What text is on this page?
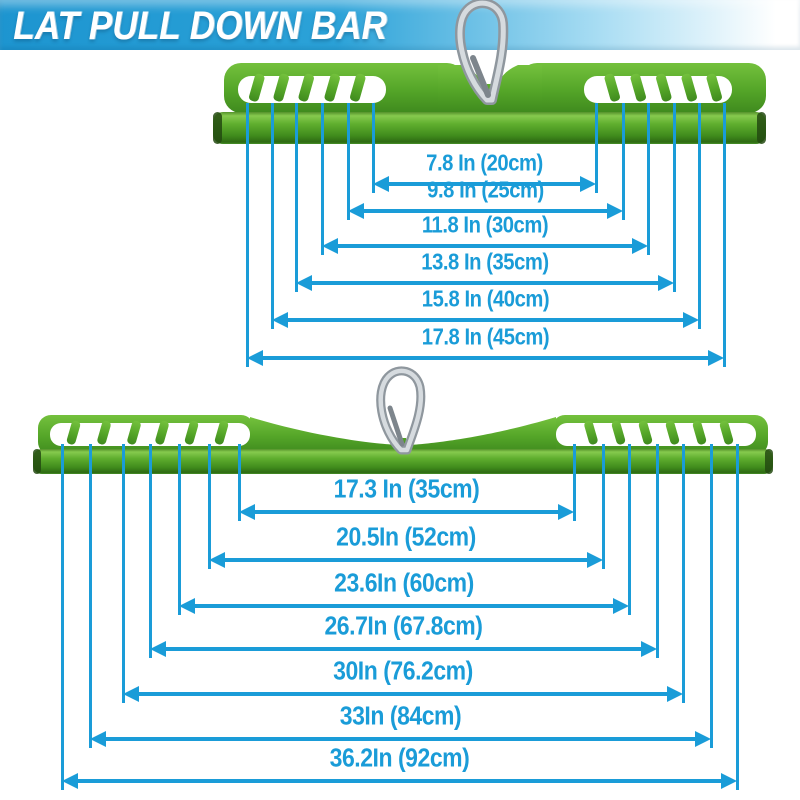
LAT PULL DOWN BAR
7.8 In (20cm)
9.8 In (25cm)
11.8 In (30cm)
13.8 In (35cm)
15.8 In (40cm)
17.8 In (45cm)
17.3 In (35cm)
20.5In (52cm)
23.6In (60cm)
26.7In (67.8cm)
30In (76.2cm)
33In (84cm)
36.2In (92cm)
